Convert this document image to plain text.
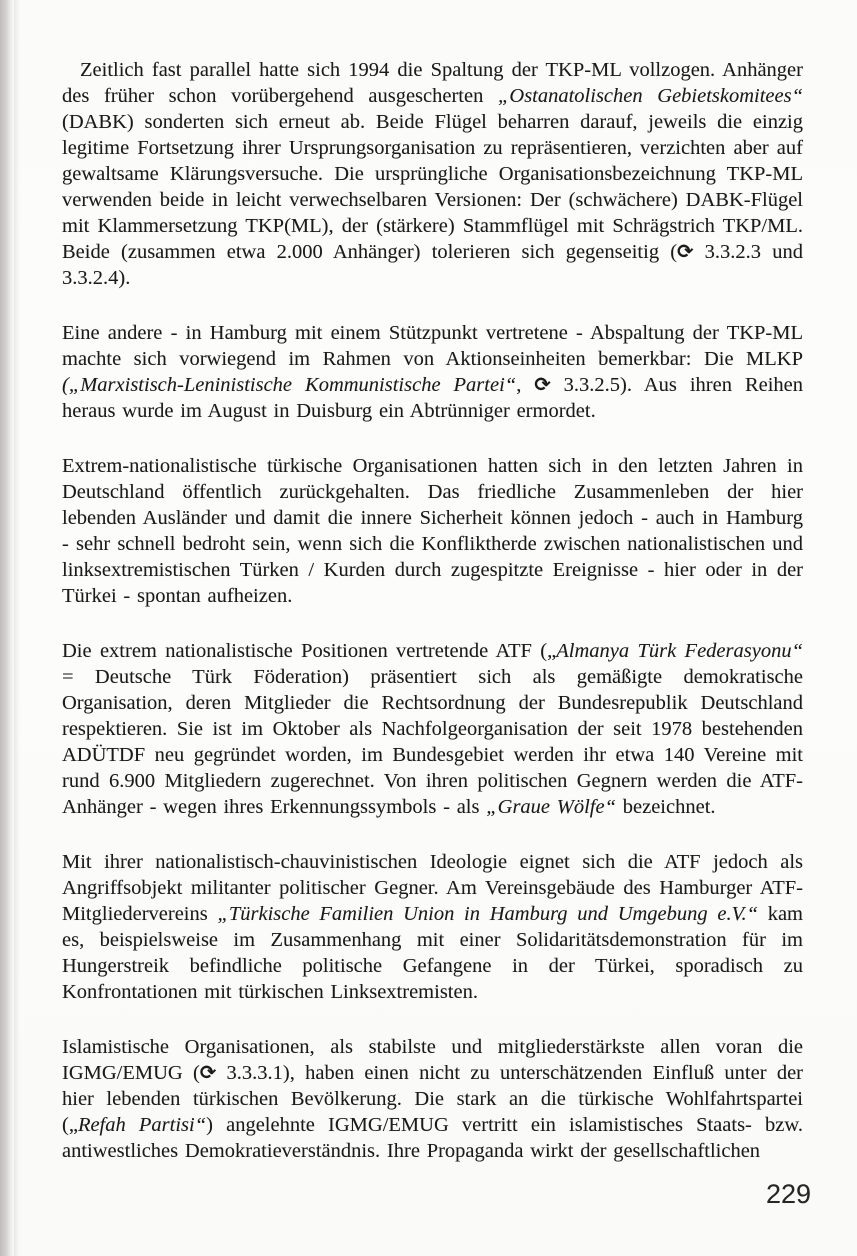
Zeitlich fast parallel hatte sich 1994 die Spaltung der TKP-ML vollzogen. Anhänger des früher schon vorübergehend ausgescherten „Ostanatolischen Gebietskomitees“ (DABK) sonderten sich erneut ab. Beide Flügel beharren darauf, jeweils die einzig legitime Fortsetzung ihrer Ursprungsorganisation zu repräsentieren, verzichten aber auf gewaltsame Klärungsversuche. Die ursprüngliche Organisationsbezeichnung TKP-ML verwenden beide in leicht verwechselbaren Versionen: Der (schwächere) DABK-Flügel mit Klammersetzung TKP(ML), der (stärkere) Stammflügel mit Schrägstrich TKP/ML. Beide (zusammen etwa 2.000 Anhänger) tolerieren sich gegenseitig (⟳ 3.3.2.3 und 3.3.2.4).

Eine andere - in Hamburg mit einem Stützpunkt vertretene - Abspaltung der TKP-ML machte sich vorwiegend im Rahmen von Aktionseinheiten bemerkbar: Die MLKP („Marxistisch-Leninistische Kommunistische Partei“, ⟳ 3.3.2.5). Aus ihren Reihen heraus wurde im August in Duisburg ein Abtrünniger ermordet.

Extrem-nationalistische türkische Organisationen hatten sich in den letzten Jahren in Deutschland öffentlich zurückgehalten. Das friedliche Zusammenleben der hier lebenden Ausländer und damit die innere Sicherheit können jedoch - auch in Hamburg - sehr schnell bedroht sein, wenn sich die Konfliktherde zwischen nationalistischen und linksextremistischen Türken / Kurden durch zugespitzte Ereignisse - hier oder in der Türkei - spontan aufheizen.

Die extrem nationalistische Positionen vertretende ATF („Almanya Türk Federasyonu“ = Deutsche Türk Föderation) präsentiert sich als gemäßigte demokratische Organisation, deren Mitglieder die Rechtsordnung der Bundesrepublik Deutschland respektieren. Sie ist im Oktober als Nachfolgeorganisation der seit 1978 bestehenden ADÜTDF neu gegründet worden, im Bundesgebiet werden ihr etwa 140 Vereine mit rund 6.900 Mitgliedern zugerechnet. Von ihren politischen Gegnern werden die ATF-Anhänger - wegen ihres Erkennungssymbols - als „Graue Wölfe“ bezeichnet.

Mit ihrer nationalistisch-chauvinistischen Ideologie eignet sich die ATF jedoch als Angriffsobjekt militanter politischer Gegner. Am Vereinsgebäude des Hamburger ATF-Mitgliedervereins „Türkische Familien Union in Hamburg und Umgebung e.V.“ kam es, beispielsweise im Zusammenhang mit einer Solidaritätsdemonstration für im Hungerstreik befindliche politische Gefangene in der Türkei, sporadisch zu Konfrontationen mit türkischen Linksextremisten.

Islamistische Organisationen, als stabilste und mitgliederstärkste allen voran die IGMG/EMUG (⟳ 3.3.3.1), haben einen nicht zu unterschätzenden Einfluß unter der hier lebenden türkischen Bevölkerung. Die stark an die türkische Wohlfahrtspartei („Refah Partisi“) angelehnte IGMG/EMUG vertritt ein islamistisches Staats- bzw. antiwestliches Demokratieverständnis. Ihre Propaganda wirkt der gesellschaftlichen

229
